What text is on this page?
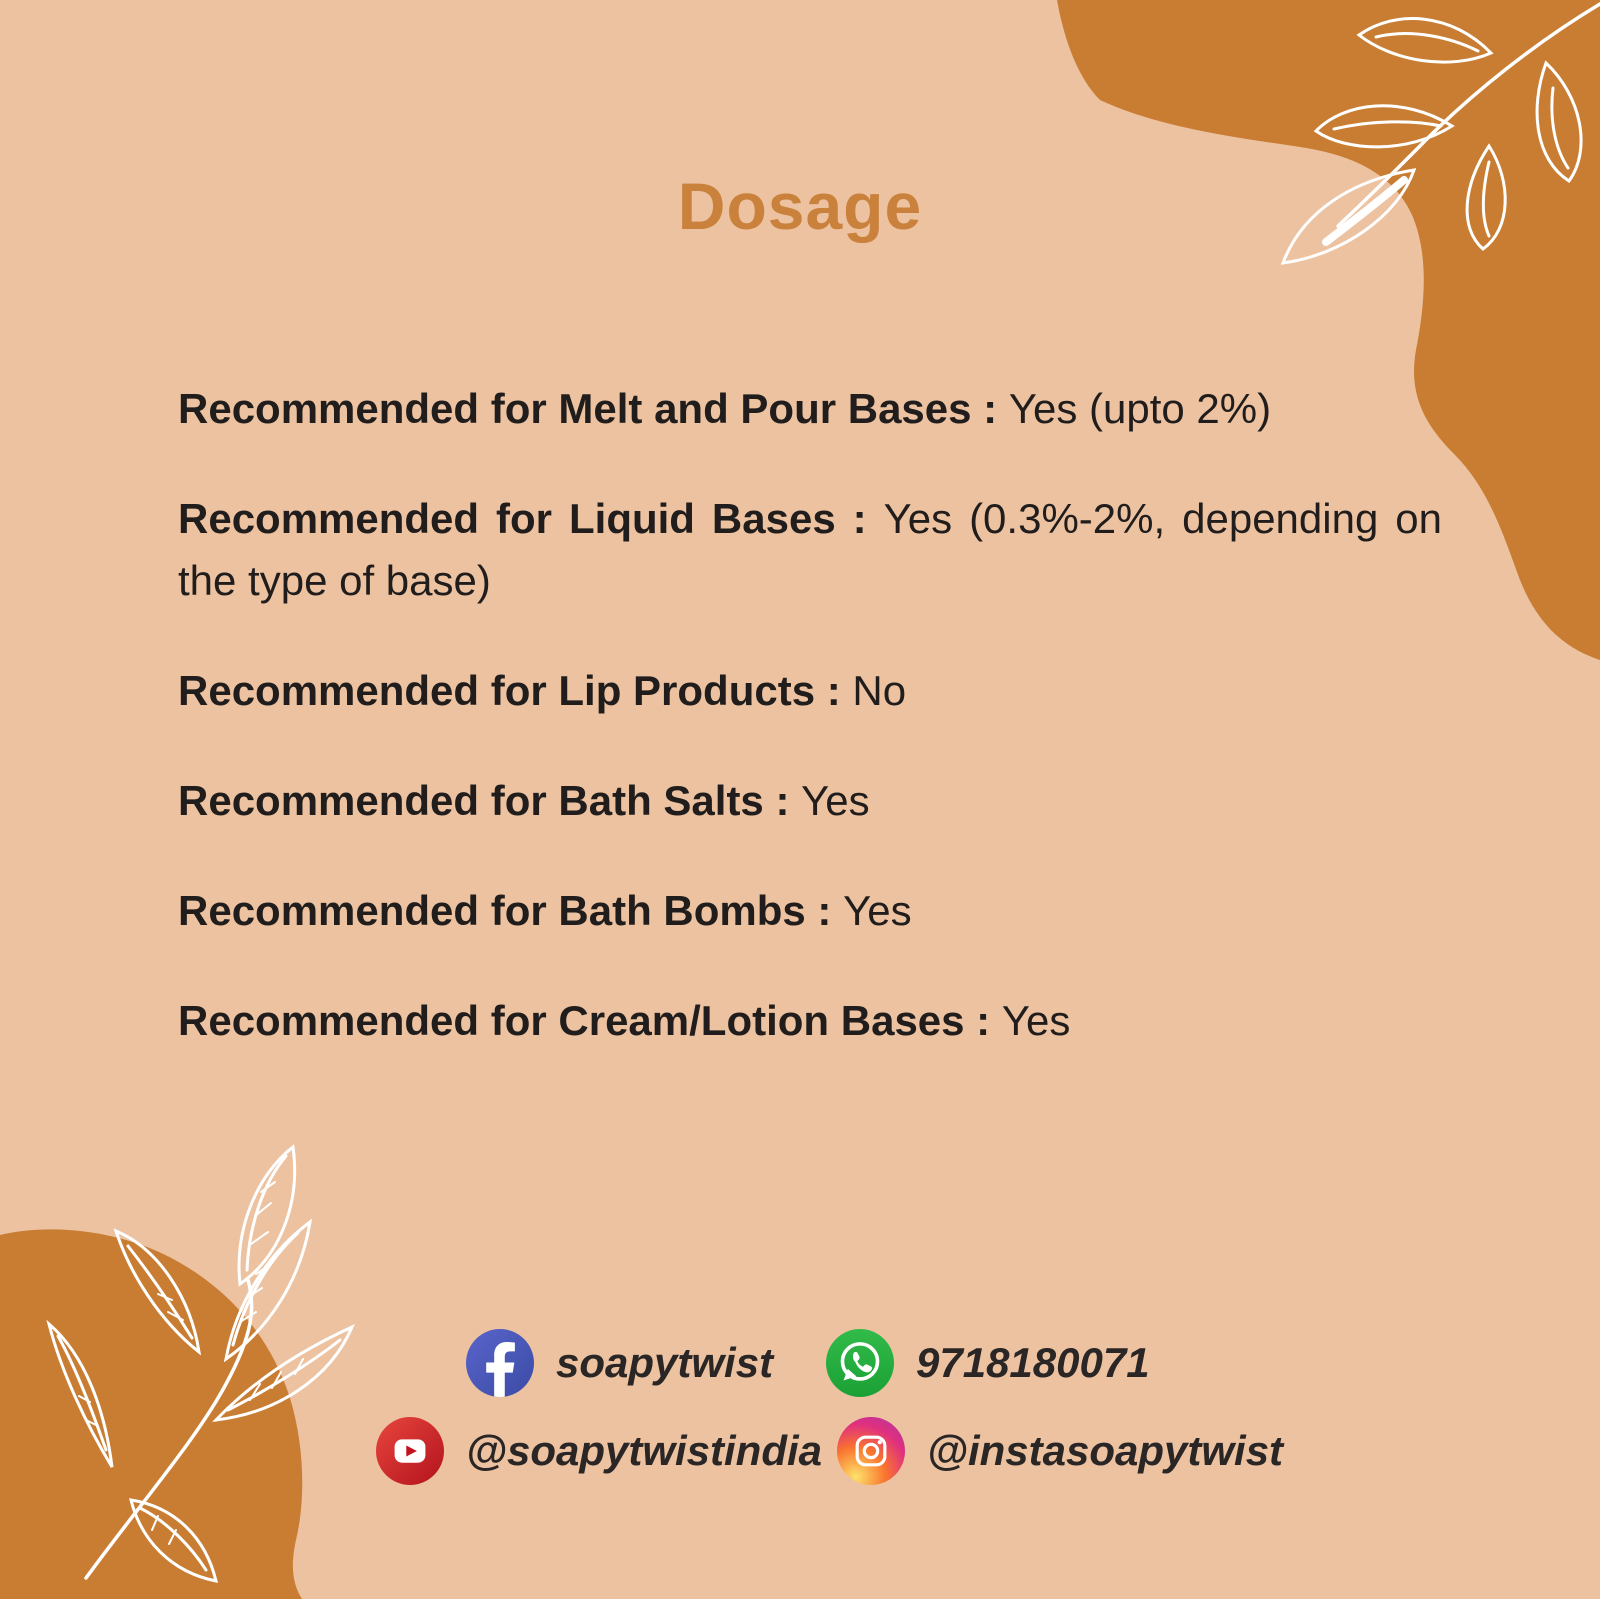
Dosage

Recommended for Melt and Pour Bases : Yes (upto 2%)

Recommended for Liquid Bases : Yes (0.3%-2%, depending on the type of base)

Recommended for Lip Products : No

Recommended for Bath Salts : Yes

Recommended for Bath Bombs : Yes

Recommended for Cream/Lotion Bases : Yes

soapytwist	9718180071
@soapytwistindia @instasoapytwist
